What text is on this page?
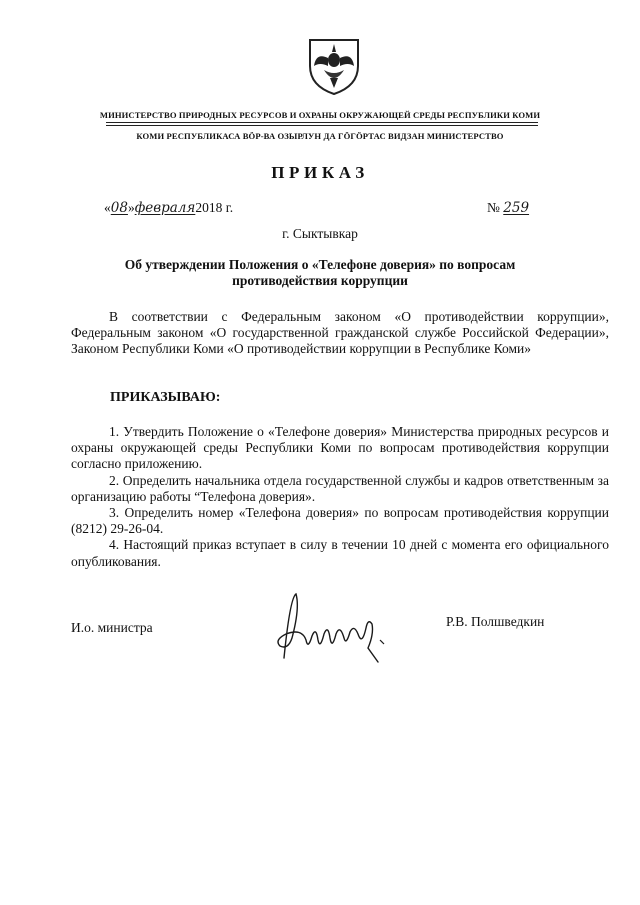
МИНИСТЕРСТВО ПРИРОДНЫХ РЕСУРСОВ И ОХРАНЫ ОКРУЖАЮЩЕЙ СРЕДЫ РЕСПУБЛИКИ КОМИ
КОМИ РЕСПУБЛИКАСА ВӦР-ВА ОЗЫРЛУН ДА ГӦГӦРТАС ВИДЗАН МИНИСТЕРСТВО
ПРИКАЗ
«08»февраля2018 г.	№ 259
г. Сыктывкар
Об утверждении Положения о «Телефоне доверия» по вопросам
противодействия коррупции
В соответствии с Федеральным законом «О противодействии коррупции», Федеральным законом «О государственной гражданской службе Российской Федерации», Законом Республики Коми «О противодействии коррупции в Республике Коми»
ПРИКАЗЫВАЮ:

1. Утвердить Положение о «Телефоне доверия» Министерства природных ресурсов и охраны окружающей среды Республики Коми по вопросам противодействия коррупции согласно приложению.

2. Определить начальника отдела государственной службы и кадров ответственным за организацию работы “Телефона доверия».

3. Определить номер «Телефона доверия» по вопросам противодействия коррупции (8212) 29-26-04.

4. Настоящий приказ вступает в силу в течении 10 дней с момента его официального опубликования.

И.о. министра	Р.В. Полшведкин
